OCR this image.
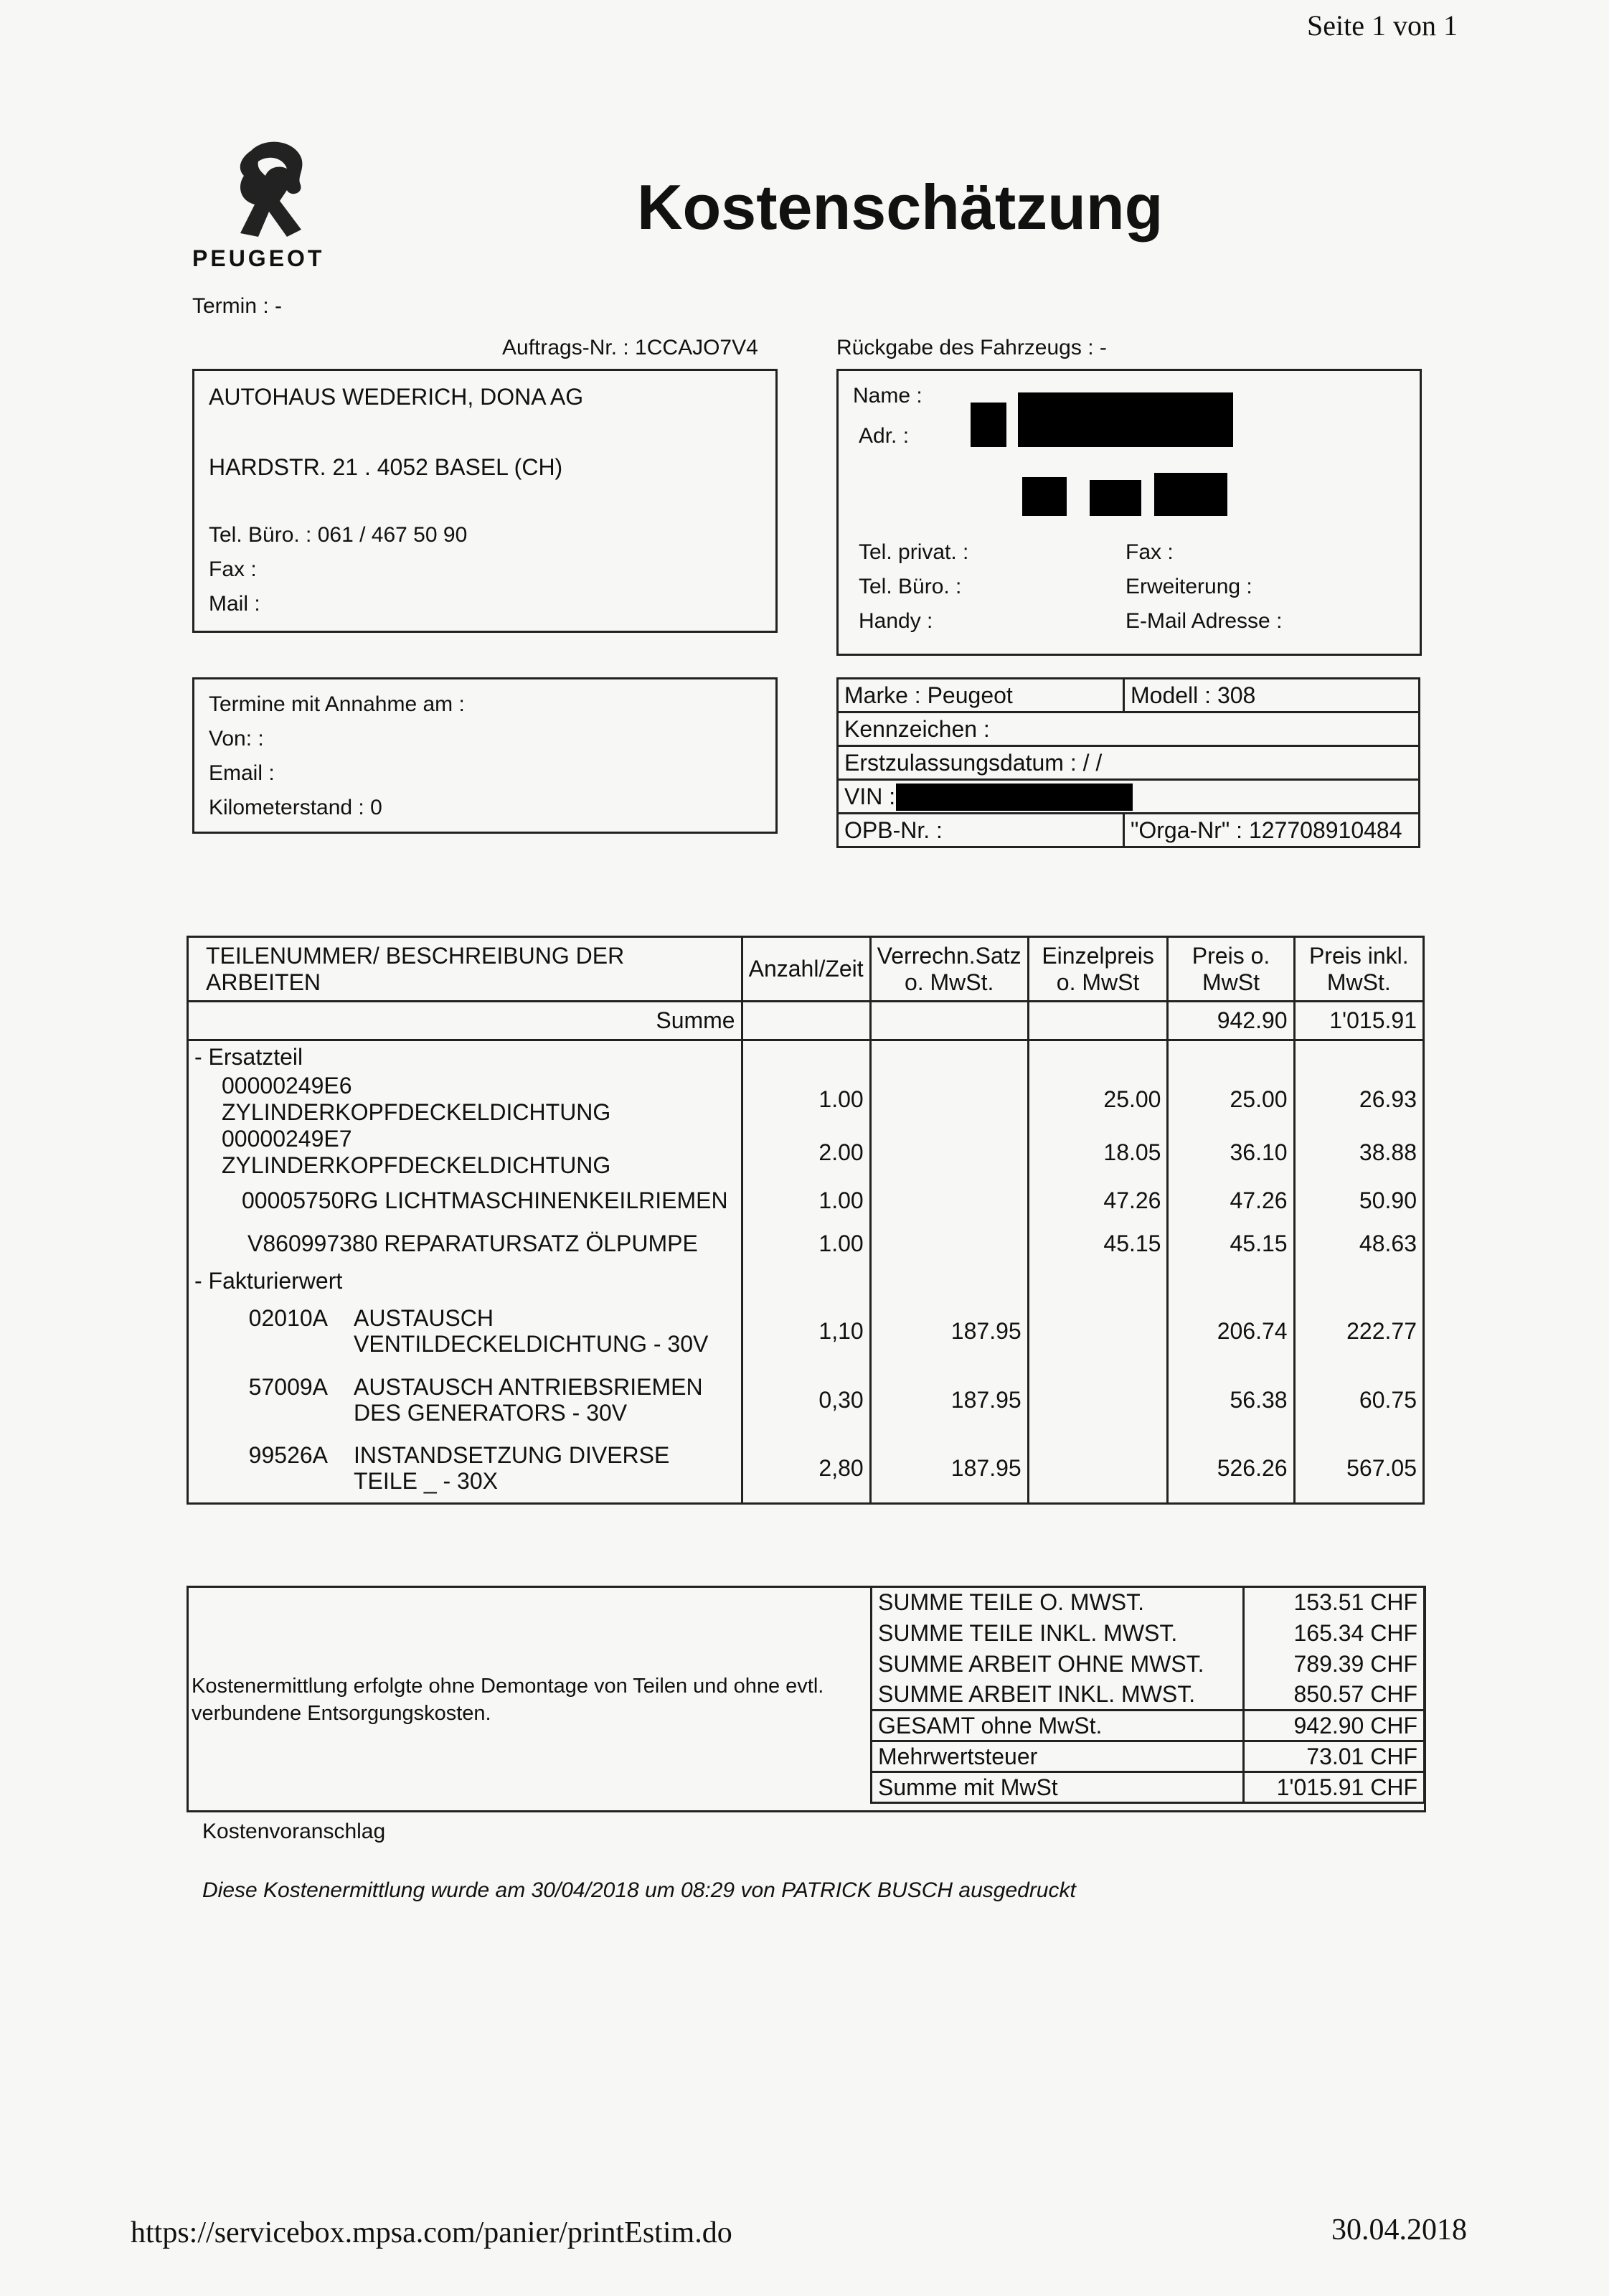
Seite 1 von 1
PEUGEOT
Kostenschätzung
Termin : -
Auftrags-Nr. : 1CCAJO7V4	Rückgabe des Fahrzeugs : -
AUTOHAUS WEDERICH, DONA AG
HARDSTR. 21 . 4052 BASEL (CH)
Tel. Büro. : 061 / 467 50 90
Fax :
Mail :
Name :
Adr. :
Tel. privat. :
Tel. Büro. :
Handy :
Fax :
Erweiterung :
E-Mail Adresse :
Termine mit Annahme am :
Von: :
Email :
Kilometerstand : 0
Marke : Peugeot	Modell : 308
Kennzeichen :	
Erstzulassungsdatum : / /	
VIN :	

OPB-Nr. :	"Orga-Nr" : 127708910484
TEILENUMMER/ BESCHREIBUNG DER ARBEITEN	Anzahl/Zeit	Verrechn.Satz o. MwSt.	Einzelpreis o. MwSt	Preis o. MwSt	Preis inkl. MwSt.
Summe				942.90	1'015.91
- Ersatzteil					
00000249E6 ZYLINDERKOPFDECKELDICHTUNG	1.00		25.00	25.00	26.93
00000249E7 ZYLINDERKOPFDECKELDICHTUNG	2.00		18.05	36.10	38.88
00005750RG LICHTMASCHINENKEILRIEMEN	1.00		47.26	47.26	50.90
V860997380 REPARATURSATZ ÖLPUMPE	1.00		45.15	45.15	48.63
- Fakturierwert					

02010A AUSTAUSCH
VENTILDECKELDICHTUNG - 30V	1,10	187.95		206.74	222.77

57009A AUSTAUSCH ANTRIEBSRIEMEN
DES GENERATORS - 30V	0,30	187.95		56.38	60.75

99526A INSTANDSETZUNG DIVERSE
TEILE _ - 30X	2,80	187.95		526.26	567.05
Kostenermittlung erfolgte ohne Demontage von Teilen und ohne evtl. verbundene Entsorgungskosten.
SUMME TEILE O. MWST.	153.51 CHF
SUMME TEILE INKL. MWST.	165.34 CHF
SUMME ARBEIT OHNE MWST.	789.39 CHF
SUMME ARBEIT INKL. MWST.	850.57 CHF
GESAMT ohne MwSt.	942.90 CHF
Mehrwertsteuer	73.01 CHF
Summe mit MwSt	1'015.91 CHF
Kostenvoranschlag
Diese Kostenermittlung wurde am 30/04/2018 um 08:29 von PATRICK BUSCH ausgedruckt
https://servicebox.mpsa.com/panier/printEstim.do	30.04.2018
